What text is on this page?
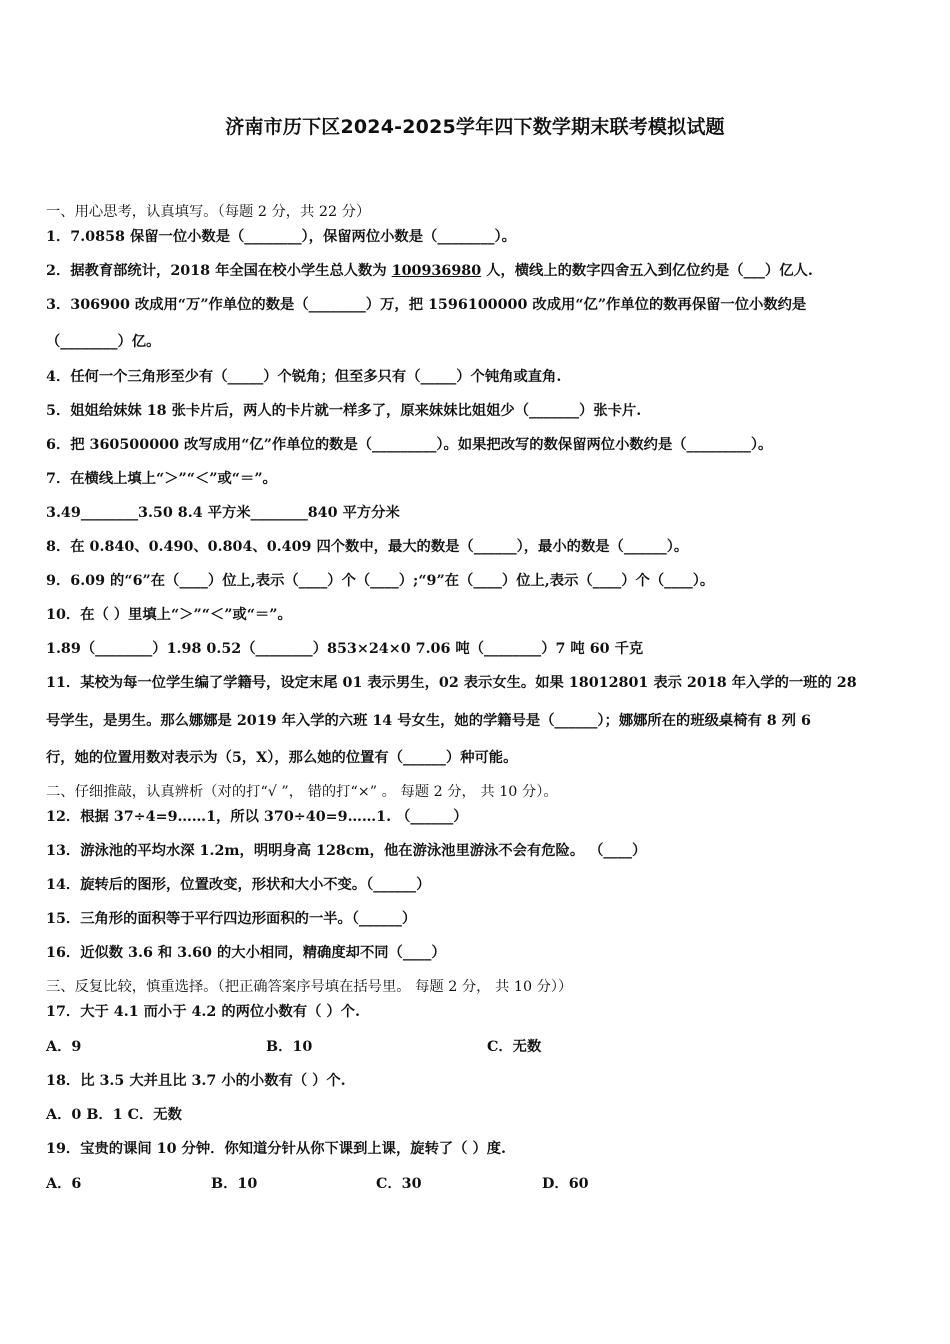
济南市历下区2024-2025学年四下数学期末联考模拟试题
一、用心思考，认真填写。（每题 2 分，共 22 分）
1．7.0858 保留一位小数是（________），保留两位小数是（________）。
2．据教育部统计，2018 年全国在校小学生总人数为 100936980 人，横线上的数字四舍五入到亿位约是（___）亿人.
3．306900 改成用“万”作单位的数是（________）万，把 1596100000 改成用“亿”作单位的数再保留一位小数约是
（________）亿。
4．任何一个三角形至少有（_____）个锐角；但至多只有（_____）个钝角或直角.
5．姐姐给妹妹 18 张卡片后，两人的卡片就一样多了，原来妹妹比姐姐少（_______）张卡片.
6．把 360500000 改写成用“亿”作单位的数是（_________）。如果把改写的数保留两位小数约是（_________）。
7．在横线上填上“＞”“＜”或“＝”。
3.49________3.50 8.4 平方米________840 平方分米
8．在 0.840、0.490、0.804、0.409 四个数中，最大的数是（______），最小的数是（______）。
9．6.09 的“6”在（____）位上,表示（____）个（____）;“9”在（____）位上,表示（____）个（____）。
10．在（ ）里填上“＞”“＜”或“＝”。
1.89（________）1.98 0.52（________）853×24×0 7.06 吨（________）7 吨 60 千克
11．某校为每一位学生编了学籍号，设定末尾 01 表示男生，02 表示女生。如果 18012801 表示 2018 年入学的一班的 28
号学生，是男生。那么娜娜是 2019 年入学的六班 14 号女生，她的学籍号是（______）；娜娜所在的班级桌椅有 8 列 6
行，她的位置用数对表示为（5，X），那么她的位置有（______）种可能。
二、仔细推敲，认真辨析（对的打“√ ”， 错的打“×” 。 每题 2 分， 共 10 分）。
12．根据 37÷4=9……1，所以 370÷40=9……1. （______）
13．游泳池的平均水深 1.2m，明明身高 128cm，他在游泳池里游泳不会有危险。 （____）
14．旋转后的图形，位置改变，形状和大小不变。（______）
15．三角形的面积等于平行四边形面积的一半。（______）
16．近似数 3.6 和 3.60 的大小相同，精确度却不同（____）
三、反复比较，慎重选择。（把正确答案序号填在括号里。 每题 2 分， 共 10 分））
17．大于 4.1 而小于 4.2 的两位小数有（ ）个.
A．9	B．10	C．无数
18．比 3.5 大并且比 3.7 小的小数有（ ）个.
A．0 B．1 C．无数
19．宝贵的课间 10 分钟．你知道分针从你下课到上课，旋转了（ ）度.
A．6	B．10	C．30	D．60
